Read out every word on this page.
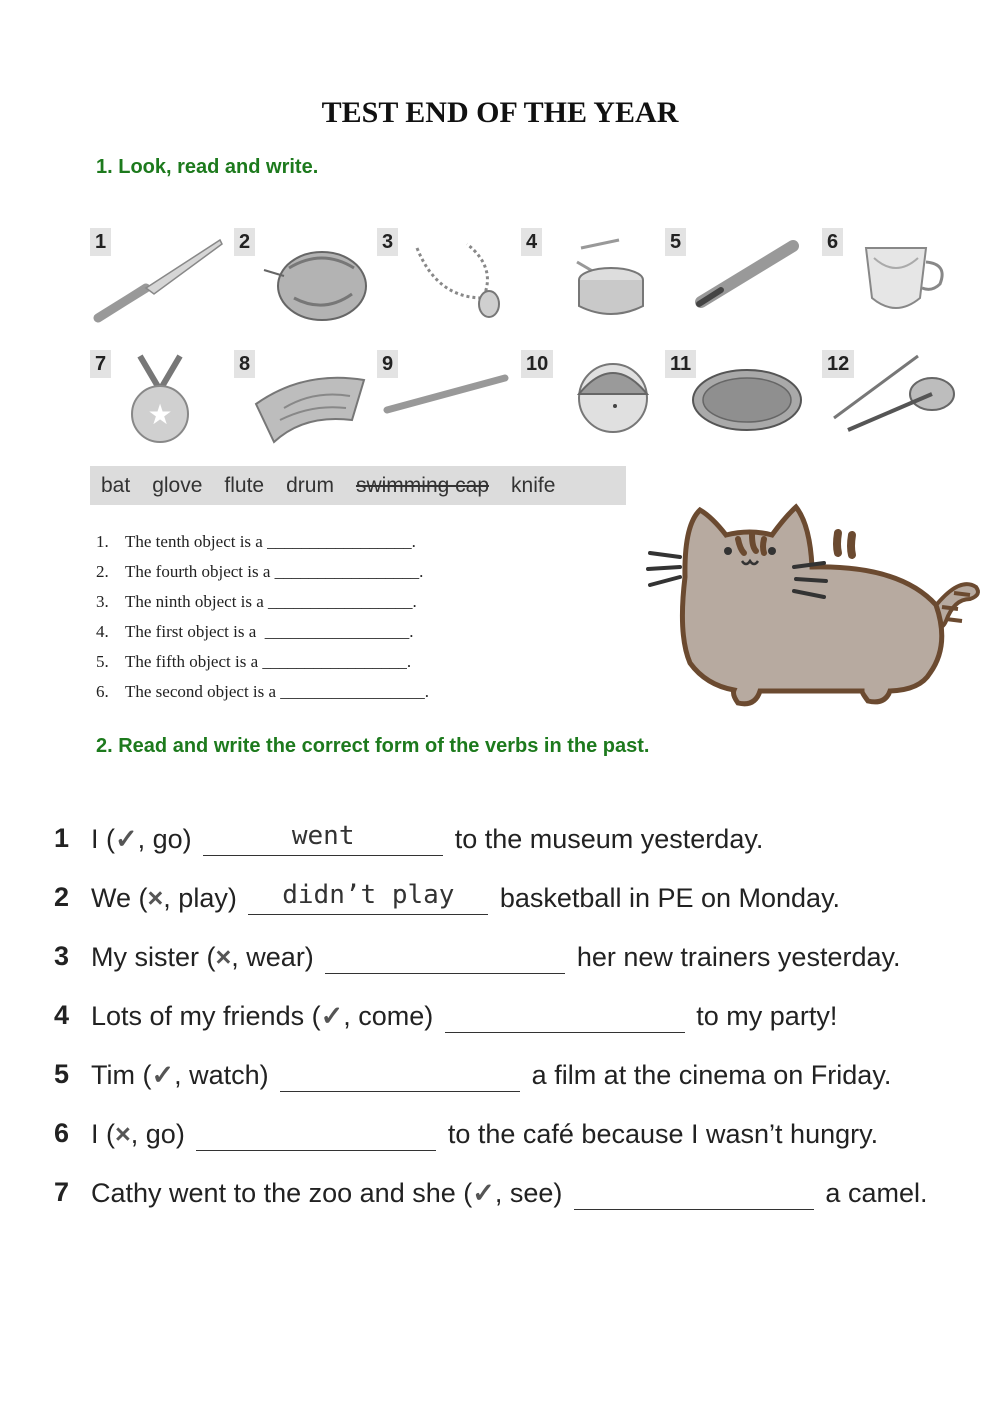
TEST END OF THE YEAR
1. Look, read and write.
1	2	3	4	5	6
★
7	8	9	10	11	12
bat glove flute drum swimming cap knife
1. The tenth object is a _________________.
2. The fourth object is a _________________.
3. The ninth object is a _________________.
4. The first object is a  _________________.
5. The fifth object is a _________________.
6. The second object is a _________________.
2. Read and write the correct form of the verbs in the past.
1 I (✓, go)	went	to the museum yesterday.
2 We (×, play)	didn’t play	basketball in PE on Monday.
3 My sister (×, wear)	her new trainers yesterday.
4 Lots of my friends (✓, come)	to my party!
5 Tim (✓, watch)	a film at the cinema on Friday.
6 I (×, go)	to the café because I wasn’t hungry.
7 Cathy went to the zoo and she (✓, see)	a camel.
